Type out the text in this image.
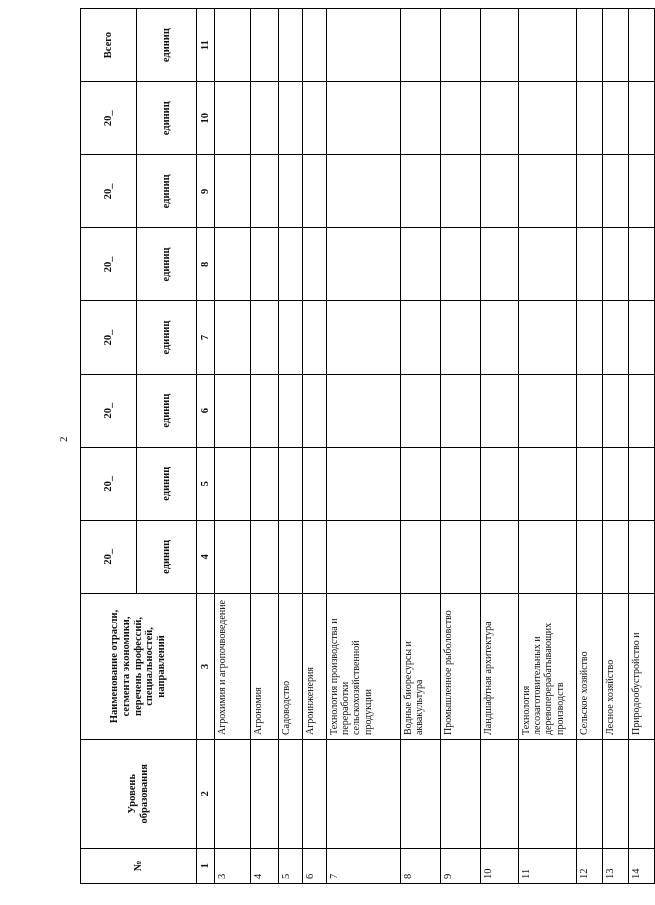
2
№	Уровень образования	Наименование отрасли, сегмента экономики, перечень профессий, специальностей, направлений	20_	20_	20_	20_	20_	20_	20_	Всего
			единиц	единиц	единиц	единиц	единиц	единиц	единиц	единиц
1	2	3	4	5	6	7	8	9	10	11
3		Агрохимия и агропочвоведение								
4		Агрономия								
5		Садоводство								
6		Агроинженерия								
7		Технология производства и переработки сельскохозяйственной продукции								
8		Водные биоресурсы и аквакультура								
9		Промышленное рыболовство								
10		Ландшафтная архитектура								
11		Технология лесозаготовительных и деревоперерабатывающих производств								
12		Сельское хозяйство								
13		Лесное хозяйство								
14		Природообустройство и								
